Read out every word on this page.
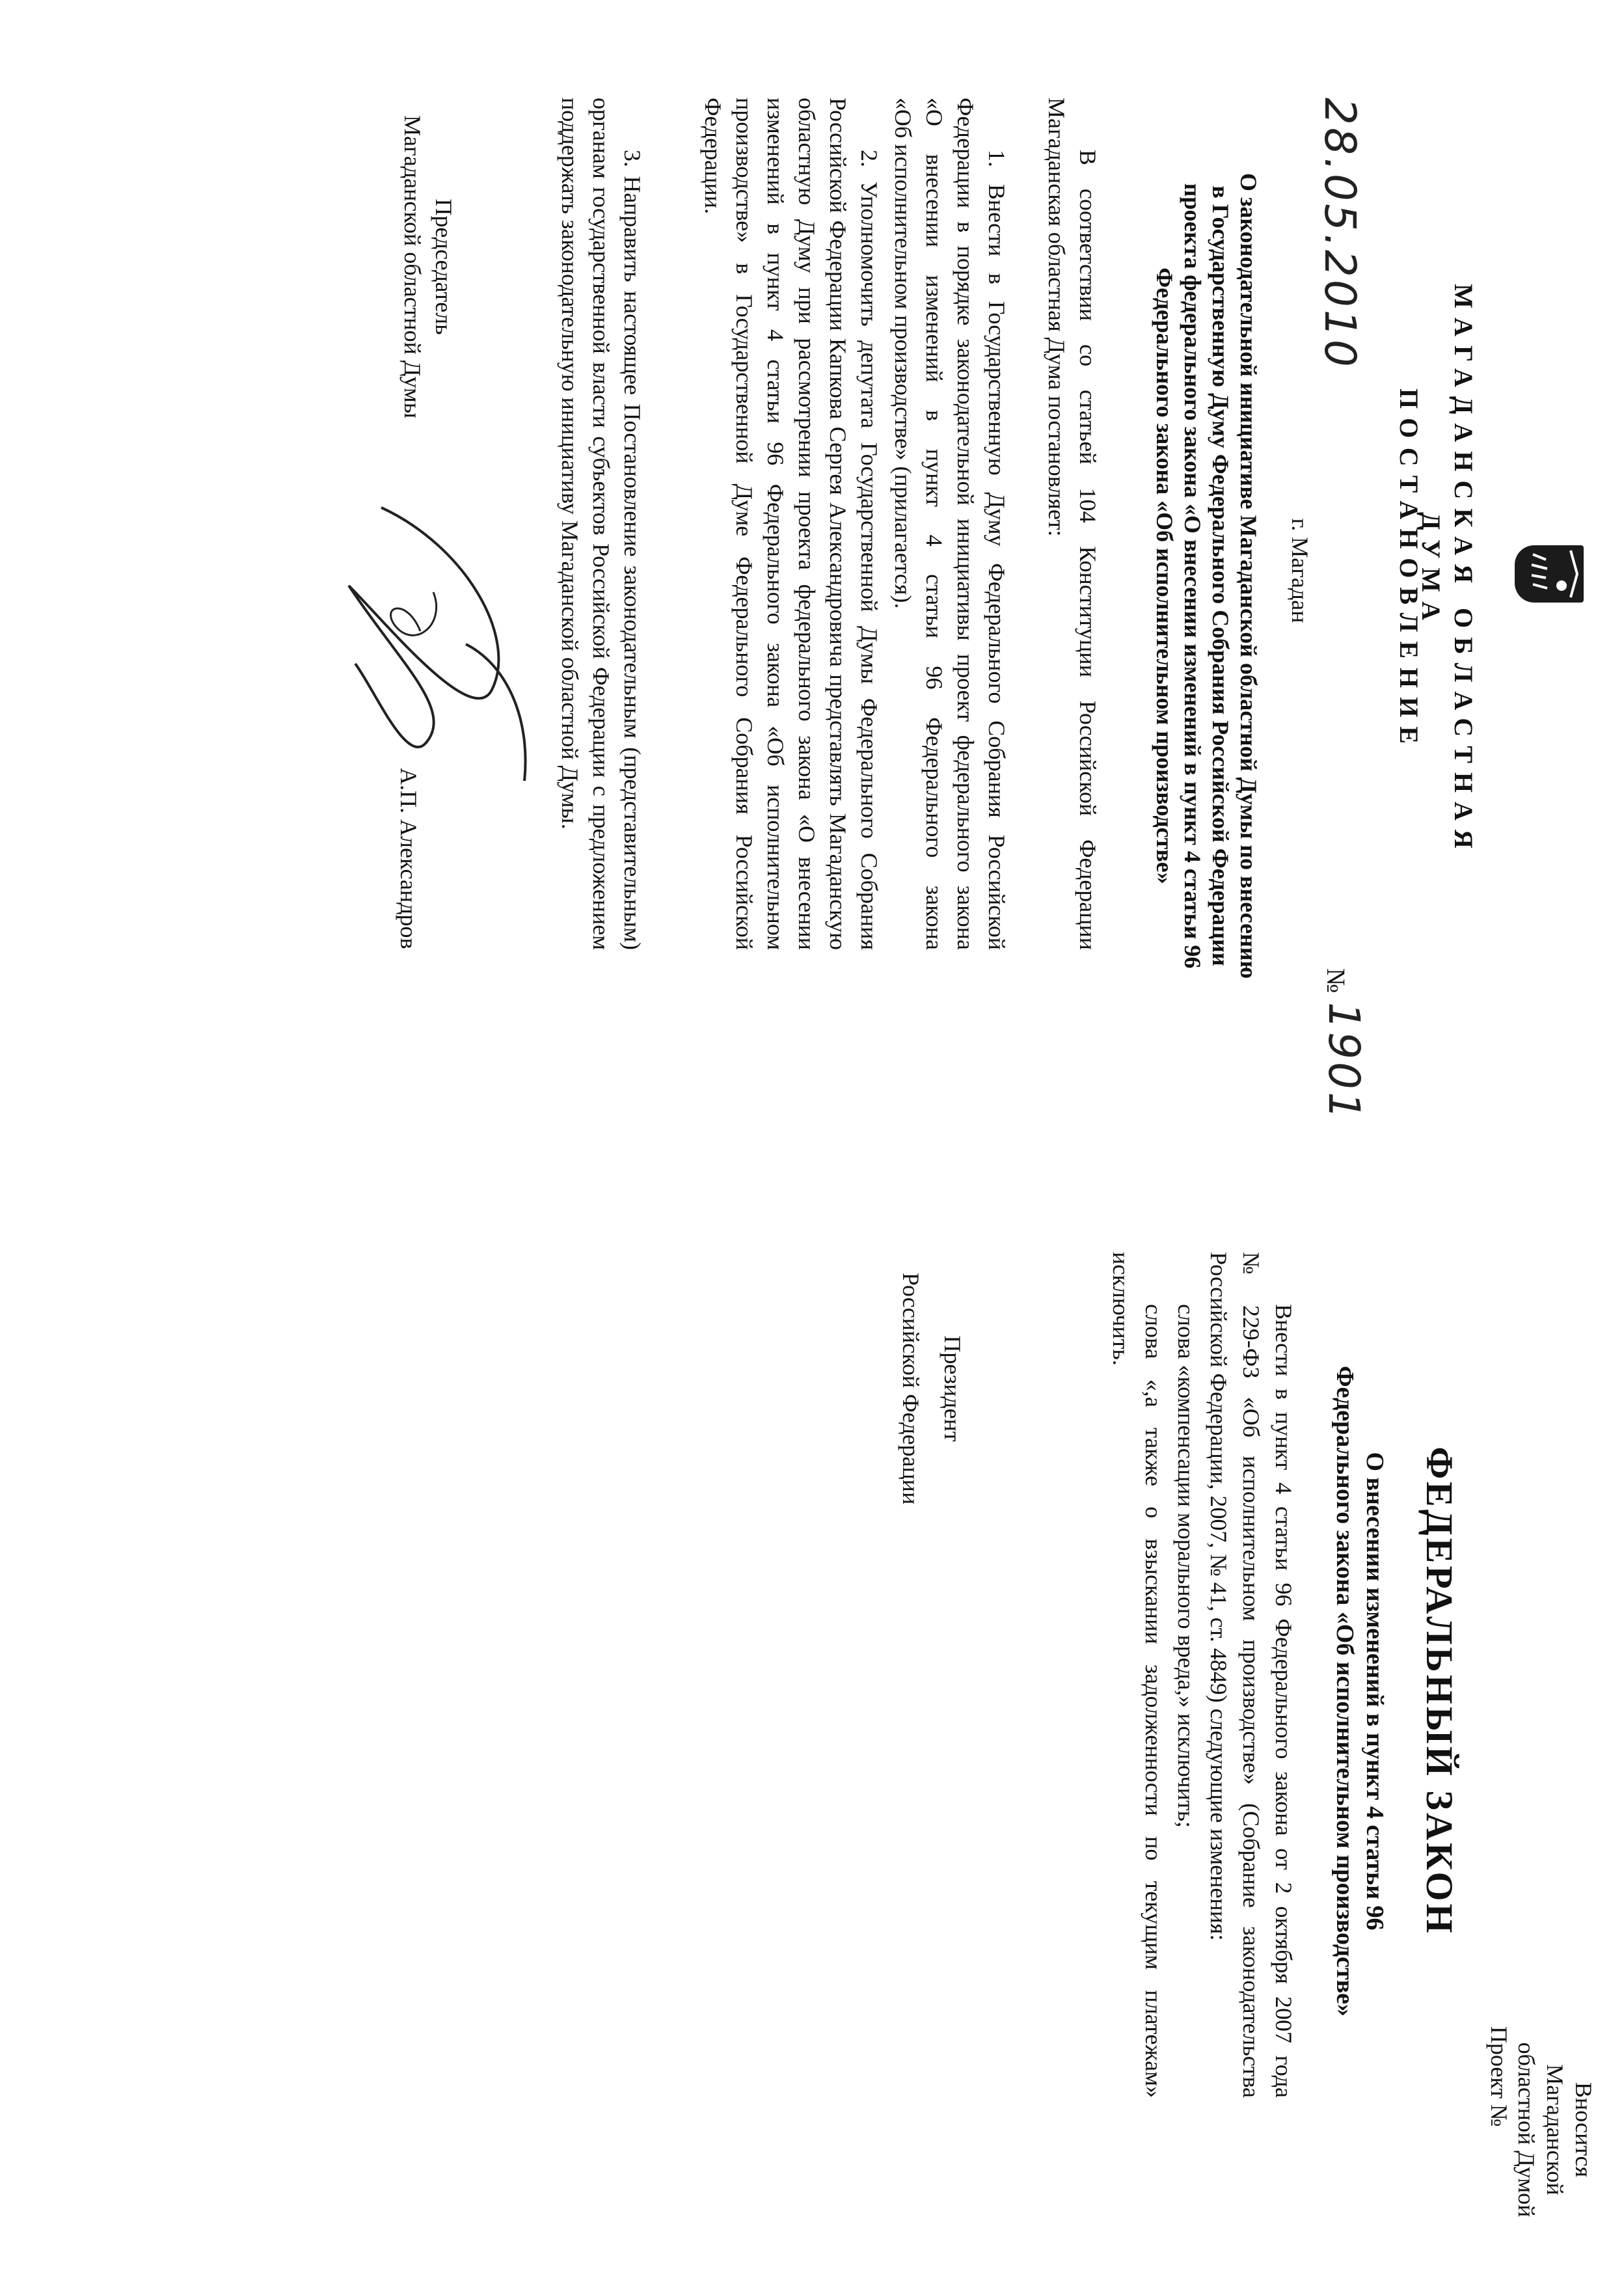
МАГАДАНСКАЯ ОБЛАСТНАЯ ДУМА
ПОСТАНОВЛЕНИЕ
28.05.2010
№
1901
г. Магадан
О законодательной инициативе Магаданской областной Думы по внесению
в Государственную Думу Федерального Собрания Российской Федерации
проекта федерального закона «О внесении изменений в пункт 4 статьи 96
Федерального закона «Об исполнительном производстве»
В соответствии со статьей 104 Конституции Российской Федерации
Магаданская областная Дума постановляет:
1. Внести в Государственную Думу Федерального Собрания Российской
Федерации в порядке законодательной инициативы проект федерального закона
«О внесении изменений в пункт 4 статьи 96 Федерального закона
«Об исполнительном производстве» (прилагается).
2. Уполномочить депутата Государственной Думы Федерального Собрания
Российской Федерации Капкова Сергея Александровича представлять Магаданскую
областную Думу при рассмотрении проекта федерального закона «О внесении
изменений в пункт 4 статьи 96 Федерального закона «Об исполнительном
производстве» в Государственной Думе Федерального Собрания Российской
Федерации.
3. Направить настоящее Постановление законодательным (представительным)
органам государственной власти субъектов Российской Федерации с предложением
поддержать законодательную инициативу Магаданской областной Думы.
Председатель
Магаданской областной Думы
А.П. Александров
Вносится Магаданской
областной Думой
Проект №
ФЕДЕРАЛЬНЫЙ ЗАКОН
О внесении изменений в пункт 4 статьи 96
Федерального закона «Об исполнительном производстве»
Внести в пункт 4 статьи 96 Федерального закона от 2 октября 2007 года
№ 229-ФЗ «Об исполнительном производстве» (Собрание законодательства
Российской Федерации, 2007, № 41, ст. 4849) следующие изменения:
слова «компенсации морального вреда,» исключить;
слова «,а также о взыскании задолженности по текущим платежам»
исключить.
Президент
Российской Федерации
